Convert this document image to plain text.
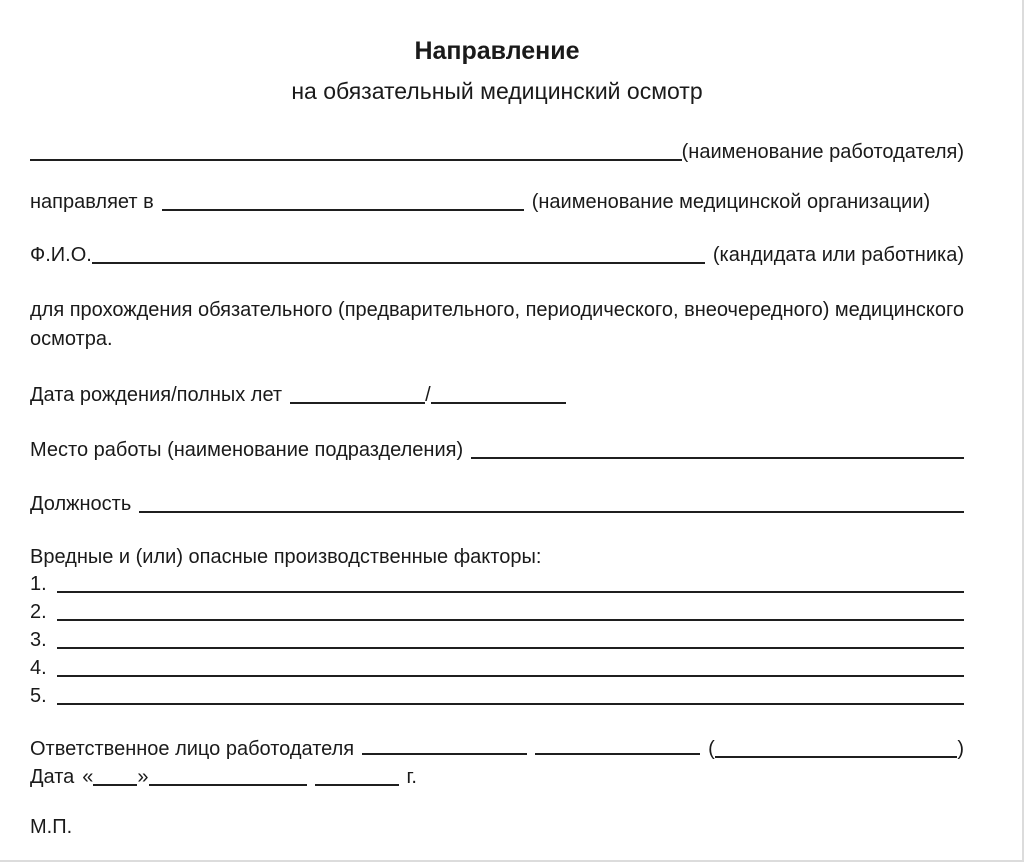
Направление
на обязательный медицинский осмотр
(наименование работодателя)
направляет в	(наименование медицинской организации)
Ф.И.О.	(кандидата или работника)
для прохождения обязательного (предварительного, периодического, внеочередного) медицинского осмотра.
Дата рождения/полных лет	/
Место работы (наименование подразделения)
Должность
Вредные и (или) опасные производственные факторы:
1.
2.
3.
4.
5.
Ответственное лицо работодателя	(	)
Дата « »	г.
М.П.
